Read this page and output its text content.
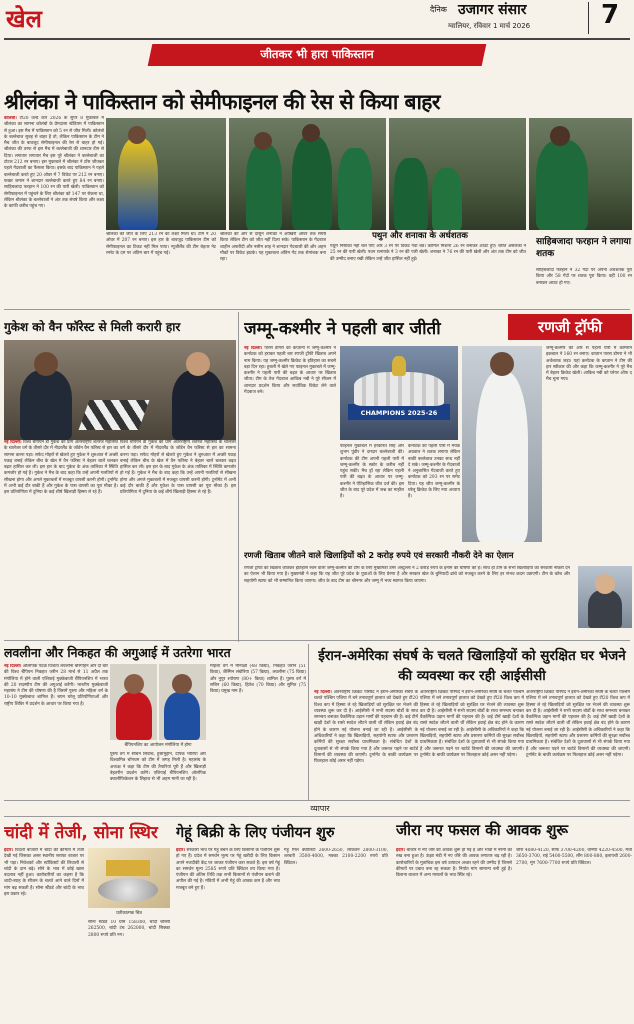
खेल	दैनिक उजागर संसार
ग्वालियर, रविवार 1 मार्च 2026	7
जीतकर भी हारा पाकिस्तान
श्रीलंका ने पाकिस्तान को सेमीफाइनल की रेस से किया बाहर
कोलंबो। टी20 वर्ल्ड कप 2026 के सुपर 8 मुकाबले में श्रीलंका का सामना कोलंबो के प्रेमदासा स्टेडियम में पाकिस्तान से हुआ। इस मैच में पाकिस्तान को 5 रन से जीत मिली। कोलंबो के बल्लेबाज सुबह से बाहर है तो, लेकिन पाकिस्तान के टीम ने मैच जीत के बावजूद सेमीफाइनल की रेस से बाहर हो गई। श्रीलंका की तरफ से इस मैच में बल्लेबाजी की शानदार टीम से दिया। लगातार लगातार मैच इस पूरे श्रीलंका ने बल्लेबाजी का टोटल 212 रन बनाए। इस मुकाबले में श्रीलंका ने टॉस जीतकर पहले गेंदबाजी का फैसला किया। इसके बाद पाकिस्तान ने पहले बल्लेबाजी करते हुए 20 ओवर में 7 विकेट पर 212 रन बनाए। फखर जमान ने शानदार बल्लेबाजी करते हुए 84 रन बनाए। साहिबजादा फरहान ने 100 रन की पारी खेली। पाकिस्तान को सेमीफाइनल में पहुंचने के लिए श्रीलंका को 147 पर रोकना था, लेकिन श्रीलंका के बल्लेबाजों ने अंत तक संघर्ष किया और लक्ष्य के काफी करीब पहुंच गए।
पथुन और शनाका के अर्धशतक
श्रीलंका को जीत के लिए 213 रन का लक्ष्य मिला था। टीम ने 20 ओवर में 207 रन बनाए। इस हार के बावजूद पाकिस्तान टीम को सेमीफाइनल का टिकट नहीं मिल पाया। न्यूजीलैंड की टीम बेहतर नेट रनरेट के दम पर अंतिम चार में पहुंच गई।
श्रीलंका की ओर से दासुन शनाका ने आखिरी ओवर तक संघर्ष किया लेकिन टीम को जीत नहीं दिला सके। पाकिस्तान के गेंदबाज शाहीन अफरीदी और नसीम शाह ने शानदार गेंदबाजी की और अहम मौकों पर विकेट झटके। यह मुकाबला अंतिम गेंद तक रोमांचक बना रहा।
पथुम निसांका नहीं चल पाए और 3 रन पर विकेट गंवा बैठे। कामिल मिशारा 26 रन बनाकर आउट हुए। चरित असलंका ने 25 रन की पारी खेली। पवन रत्नायके ने 3 रन की पारी खेली। शनाका ने 76 रन की पारी खेली और अंत तक टीम को जीत की उम्मीद बनाए रखी लेकिन उन्हें जीत हासिल नहीं हुई।
साहिबजादा फरहान ने लगाया शतक
साहिबजादा फरहान ने 32 गेंदों पर अपना अर्धशतक पूरा किया और 58 गेंदों पर शतक पूरा किया। वहीं 100 रन बनाकर आउट हो गए।
गुकेश को वैन फॉरेस्ट से मिली करारी हार
नई दिल्ली। विश्व चैंपियन डी गुकेश को प्राग अंतरराष्ट्रीय शतरंज महोत्सव के चालेंजर वर्ग के तीसरे दौर में नीदरलैंड के जॉर्डन वैन फॉरेस्ट से हार का सामना करना पड़ा। सफेद मोहरों से खेलते हुए गुकेश ने शुरुआत में अच्छी पकड़ बनाई लेकिन बीच के खेल में वैन फॉरेस्ट ने बेहतर चालें चलकर बढ़त हासिल कर ली। इस हार के बाद गुकेश के अंक तालिका में स्थिति कमजोर हो गई है। गुकेश ने मैच के बाद कहा कि उन्हें अपनी गलतियों से सीखना होगा और अगले मुकाबलों में मजबूत वापसी करनी होगी। टूर्नामेंट में अभी कई दौर बाकी हैं और गुकेश के पास वापसी का पूरा मौका है। इस प्रतियोगिता में दुनिया के कई शीर्ष खिलाड़ी हिस्सा ले रहे हैं।
विश्व चैंपियन डी गुकेश को प्राग अंतरराष्ट्रीय शतरंज महोत्सव के चालेंजर वर्ग के तीसरे दौर में नीदरलैंड के जॉर्डन वैन फॉरेस्ट से हार का सामना करना पड़ा। सफेद मोहरों से खेलते हुए गुकेश ने शुरुआत में अच्छी पकड़ बनाई लेकिन बीच के खेल में वैन फॉरेस्ट ने बेहतर चालें चलकर बढ़त हासिल कर ली। इस हार के बाद गुकेश के अंक तालिका में स्थिति कमजोर हो गई है। गुकेश ने मैच के बाद कहा कि उन्हें अपनी गलतियों से सीखना होगा और अगले मुकाबलों में मजबूत वापसी करनी होगी। टूर्नामेंट में अभी कई दौर बाकी हैं और गुकेश के पास वापसी का पूरा मौका है। इस प्रतियोगिता में दुनिया के कई शीर्ष खिलाड़ी हिस्सा ले रहे हैं।
जम्मू-कश्मीर ने पहली बार जीती	रणजी ट्रॉफी
नई दिल्ली। पारस डोगरा की कप्तानी में जम्मू-कश्मीर ने कर्नाटक को हराकर पहली बार रणजी ट्रॉफी खिताब अपने नाम किया। यह जम्मू-कश्मीर क्रिकेट के इतिहास का सबसे बड़ा दिन रहा। हुबली में खेले गए फाइनल मुकाबले में जम्मू-कश्मीर ने पहली पारी की बढ़त के आधार पर खिताब जीता। टीम के तेज गेंदबाज आकिब नबी ने पूरे सीजन में शानदार प्रदर्शन किया और सर्वाधिक विकेट लेने वाले गेंदबाज बने।
CHAMPIONS 2025-26
फाइनल मुकाबले में हरकीरत सिंह और शुभम पुंडीर ने दमदार बल्लेबाजी की। कर्नाटक की टीम अपनी पहली पारी में जम्मू-कश्मीर के स्कोर के करीब नहीं पहुंच सकी। मैच ड्रॉ रहा लेकिन पहली पारी की बढ़त के आधार पर जम्मू-कश्मीर ने ऐतिहासिक जीत दर्ज की। इस जीत के बाद पूरे प्रदेश में जश्न का माहौल है।
कर्नाटक की पहली पारी में मयंक अग्रवाल ने शतक लगाया लेकिन बाकी बल्लेबाज उनका साथ नहीं दे सके। जम्मू-कश्मीर के गेंदबाजों ने अनुशासित गेंदबाजी करते हुए कर्नाटक को 293 रन पर समेट दिया। यह जीत जम्मू-कश्मीर के घरेलू क्रिकेट के लिए नया अध्याय है।
जम्मू-कश्मीर की ओर से पहली पारी में कामरान इकबाल ने 160 रन बनाए। कप्तान पारस डोगरा ने भी अर्धशतक जड़ा। यहां कर्नाटक के कप्तान ने टीम की हार स्वीकार की और कहा कि जम्मू-कश्मीर ने पूरे मैच में बेहतर क्रिकेट खेली। आकिब नबी को प्लेयर ऑफ द मैच चुना गया।
रणजी खिताब जीतने वाले खिलाड़ियों को 2 करोड़ रुपये एवं सरकारी नौकरी देने का ऐलान
रणजी ट्रॉफी का खिताब जीतकर इतिहास रचने वाली जम्मू-कश्मीर की टीम के लिए मुख्यमंत्री उमर अब्दुल्ला ने 2 करोड़ रुपये के इनाम की घोषणा की है। साथ ही टीम के सभी खिलाड़ियों को सरकारी नौकरी देने का ऐलान भी किया गया है। मुख्यमंत्री ने कहा कि यह जीत पूरे प्रदेश के युवाओं के लिए प्रेरणा है और सरकार खेल के बुनियादी ढांचे को मजबूत करने के लिए हर संभव कदम उठाएगी। टीम के कोच और सहयोगी स्टाफ को भी सम्मानित किया जाएगा। जीत के बाद टीम का श्रीनगर और जम्मू में भव्य स्वागत किया जाएगा।
लवलीना और निकहत की अगुआई में उतरेगा भारत
नई दिल्ली। ओलंपिक पदक विजेता लवलीना बोरगोहेन और दो बार की विश्व चैंपियन निकहत जरीन 28 मार्च से 11 अप्रैल तक मंगोलिया में होने वाली एशियाई मुक्केबाजी चैंपियनशिप में भारत की 20 सदस्यीय टीम की अगुआई करेंगी। भारतीय मुक्केबाजी महासंघ ने टीम की घोषणा की है जिसमें पुरुष और महिला वर्ग के 10-10 मुक्केबाज शामिल हैं। चयन घरेलू प्रतियोगिताओं और राष्ट्रीय शिविर में प्रदर्शन के आधार पर किया गया है।
चैंपियनशिप का आयोजन मंगोलिया में होगा
महिला वर्ग में मीनाक्षी (48 किग्रा), निकहत जरीन (51 किग्रा), जैस्मिन लंबोरिया (57 किग्रा), लवलीना (75 किग्रा) और नुपुर श्योराण (80+ किग्रा) शामिल हैं। पुरुष वर्ग में सचिन (60 किग्रा), हितेश (70 किग्रा) और सुमित (75 किग्रा) प्रमुख नाम हैं।
पुरुष वर्ग में सचिन सिवाच, हुसामुद्दीन, दीपक भोरिया और विश्वामित्र चोंगथम को टीम में जगह मिली है। महासंघ के अध्यक्ष ने कहा कि टीम की तैयारियां पूरी हैं और खिलाड़ी बेहतरीन प्रदर्शन करेंगे। एशियाई चैंपियनशिप ओलंपिक क्वालीफिकेशन के लिहाज से भी अहम मानी जा रही है।
ईरान-अमेरिका संघर्ष के चलते खिलाड़ियों को सुरक्षित घर भेजने की व्यवस्था कर रही आईसीसी
नई दिल्ली। अंतरराष्ट्रीय क्रिकेट परिषद ने ईरान-अमेरिका संघर्ष के चलते पश्चिम एशिया में बने तनावपूर्ण हालात को देखते हुए टी20 विश्व कप में हिस्सा ले रहे खिलाड़ियों को सुरक्षित घर भेजने की व्यवस्था शुरू कर दी है। आईसीसी ने सभी सदस्य बोर्डों के साथ समन्वय बनाकर वैकल्पिक उड़ान मार्गों की पहचान की है। कई टीमें खाड़ी देशों के रास्ते स्वदेश लौटने वाली थीं लेकिन हवाई क्षेत्र बंद होने के कारण नई योजना बनाई जा रही है। आईसीसी के अधिकारियों ने कहा कि खिलाड़ियों, सहयोगी स्टाफ और प्रसारण कर्मियों की सुरक्षा सर्वोच्च प्राथमिकता है। संबंधित देशों के दूतावासों से भी संपर्क किया गया है और जरूरत पड़ने पर चार्टर्ड विमानों की व्यवस्था की जाएगी। टूर्नामेंट के बाकी कार्यक्रम पर फिलहाल कोई असर नहीं पड़ेगा।
अंतरराष्ट्रीय क्रिकेट परिषद ने ईरान-अमेरिका संघर्ष के चलते पश्चिम एशिया में बने तनावपूर्ण हालात को देखते हुए टी20 विश्व कप में हिस्सा ले रहे खिलाड़ियों को सुरक्षित घर भेजने की व्यवस्था शुरू कर दी है। आईसीसी ने सभी सदस्य बोर्डों के साथ समन्वय बनाकर वैकल्पिक उड़ान मार्गों की पहचान की है। कई टीमें खाड़ी देशों के रास्ते स्वदेश लौटने वाली थीं लेकिन हवाई क्षेत्र बंद होने के कारण नई योजना बनाई जा रही है। आईसीसी के अधिकारियों ने कहा कि खिलाड़ियों, सहयोगी स्टाफ और प्रसारण कर्मियों की सुरक्षा सर्वोच्च प्राथमिकता है। संबंधित देशों के दूतावासों से भी संपर्क किया गया है और जरूरत पड़ने पर चार्टर्ड विमानों की व्यवस्था की जाएगी। टूर्नामेंट के बाकी कार्यक्रम पर फिलहाल कोई असर नहीं पड़ेगा।
अंतरराष्ट्रीय क्रिकेट परिषद ने ईरान-अमेरिका संघर्ष के चलते पश्चिम एशिया में बने तनावपूर्ण हालात को देखते हुए टी20 विश्व कप में हिस्सा ले रहे खिलाड़ियों को सुरक्षित घर भेजने की व्यवस्था शुरू कर दी है। आईसीसी ने सभी सदस्य बोर्डों के साथ समन्वय बनाकर वैकल्पिक उड़ान मार्गों की पहचान की है। कई टीमें खाड़ी देशों के रास्ते स्वदेश लौटने वाली थीं लेकिन हवाई क्षेत्र बंद होने के कारण नई योजना बनाई जा रही है। आईसीसी के अधिकारियों ने कहा कि खिलाड़ियों, सहयोगी स्टाफ और प्रसारण कर्मियों की सुरक्षा सर्वोच्च प्राथमिकता है। संबंधित देशों के दूतावासों से भी संपर्क किया गया है और जरूरत पड़ने पर चार्टर्ड विमानों की व्यवस्था की जाएगी। टूर्नामेंट के बाकी कार्यक्रम पर फिलहाल कोई असर नहीं पड़ेगा।
व्यापार
चांदी में तेजी, सोना स्थिर
इंदौर। विदेशी बाजारों में चांदी की कीमतों में तेजी देखी गई जिसका असर स्थानीय सराफा बाजार पर भी पड़ा। निवेशकों और स्टॉकिस्टों की लिवाली से चांदी के दाम बढ़े। सोने के भाव में कोई खास बदलाव नहीं हुआ। कारोबारियों का कहना है कि शादी-ब्याह के सीजन के चलते आने वाले दिनों में मांग बढ़ सकती है। सोना स्टैंडर्ड और चांदी के भाव इस प्रकार रहे।
प्रतीकात्मक चित्र
सोना स्टैंडर्ड 10 ग्राम 158300, चांदी चौरसी 262500, चांदी टंच 262000, चांदी सिक्का 2800 रुपये प्रति नग।
गेहूं बिक्री के लिए पंजीयन शुरु
इंदौर। सरकारी भाव पर गेहूं बेचने के लिए किसानों के पंजीयन शुरू हो गए हैं। प्रदेश में समर्थन मूल्य पर गेहूं खरीदी के लिए किसान अपने नजदीकी केंद्र पर जाकर पंजीयन करा सकते हैं। इस वर्ष गेहूं का समर्थन मूल्य 2585 रुपये प्रति क्विंटल तय किया गया है। पंजीयन की अंतिम तिथि तक सभी किसानों से पंजीयन कराने की अपील की गई है। मंडियों में अभी गेहूं की आवक कम है और भाव मजबूत बने हुए हैं।
गेहूं मिल क्वालिटी 2600-2650, लोकवन 2800-3100, शरबती 3500-4000, मक्का 2100-2200 रुपये प्रति क्विंटल।
जीरा नए फसल की आवक शुरू
इंदौर। बाजार में नए जीरे की आवक शुरू हो गई है और भावों में नरमी का रुख बना हुआ है। ऊंझा मंडी में नए जीरे की आवक लगातार बढ़ रही है। कारोबारियों के मुताबिक इस वर्ष उत्पादन अच्छा रहने की उम्मीद है जिससे कीमतों पर दबाव बना रह सकता है। निर्यात मांग सामान्य बनी हुई है। किराना बाजार में अन्य मसालों के भाव स्थिर रहे।
जीरा 4080-4120, सौंफ 3700-4200, धनिया 4220-4500, मेथी 3650-3700, राई 5400-5500, लौंग 800-880, इलायची 2600-2700, मूंग 7600-7700 रुपये प्रति क्विंटल।
